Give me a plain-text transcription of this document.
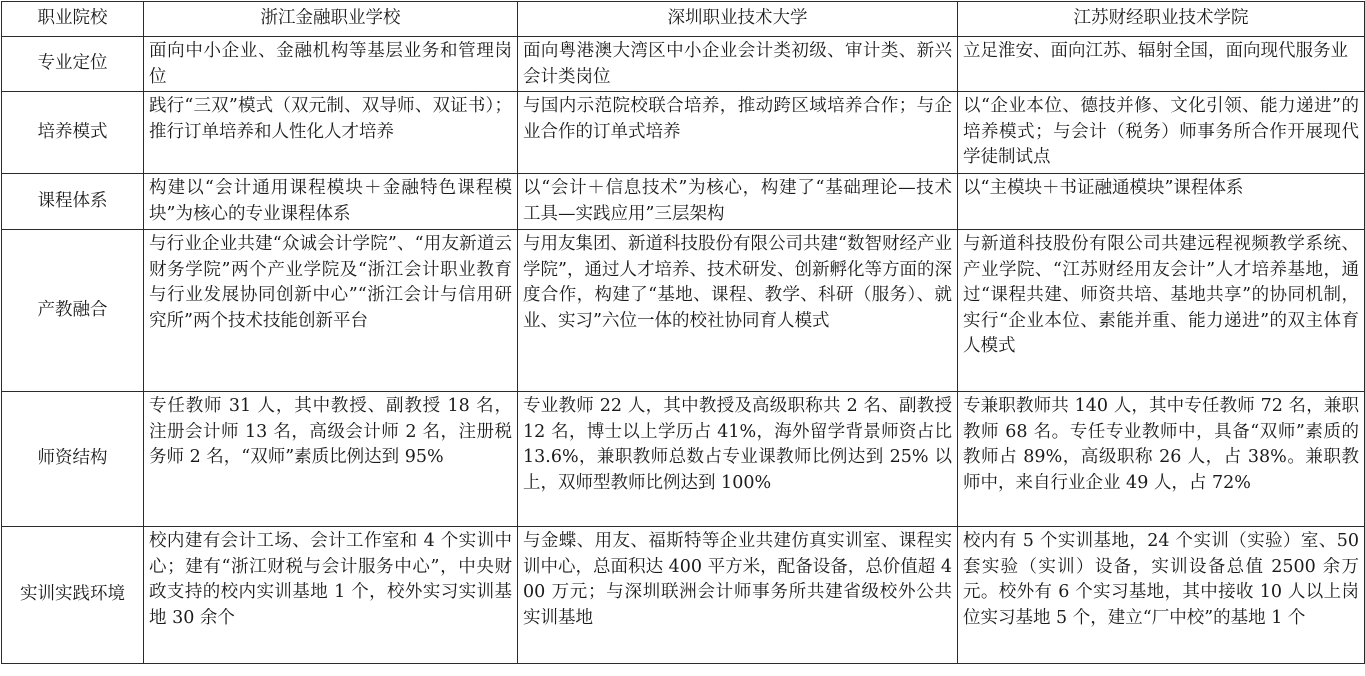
职业院校	浙江金融职业学校	深圳职业技术大学	江苏财经职业技术学院
专业定位	面向中小企业、金融机构等基层业务和管理岗位	面向粤港澳大湾区中小企业会计类初级、审计类、新兴会计类岗位	立足淮安、面向江苏、辐射全国，面向现代服务业
培养模式	践行“三双”模式（双元制、双导师、双证书）；推行订单培养和人性化人才培养	与国内示范院校联合培养，推动跨区域培养合作；与企业合作的订单式培养	以“企业本位、德技并修、文化引领、能力递进”的培养模式；与会计（税务）师事务所合作开展现代学徒制试点
课程体系	构建以“会计通用课程模块＋金融特色课程模块”为核心的专业课程体系	以“会计＋信息技术”为核心，构建了“基础理论—技术工具—实践应用”三层架构	以“主模块＋书证融通模块”课程体系
产教融合	与行业企业共建“众诚会计学院”、“用友新道云财务学院”两个产业学院及“浙江会计职业教育与行业发展协同创新中心”“浙江会计与信用研究所”两个技术技能创新平台	与用友集团、新道科技股份有限公司共建“数智财经产业学院”，通过人才培养、技术研发、创新孵化等方面的深度合作，构建了“基地、课程、教学、科研（服务）、就业、实习”六位一体的校社协同育人模式	与新道科技股份有限公司共建远程视频教学系统、产业学院、“江苏财经用友会计”人才培养基地，通过“课程共建、师资共培、基地共享”的协同机制，实行“企业本位、素能并重、能力递进”的双主体育人模式
师资结构	专任教师 31 人，其中教授、副教授 18 名，注册会计师 13 名，高级会计师 2 名，注册税务师 2 名，“双师”素质比例达到 95%	专业教师 22 人，其中教授及高级职称共 2 名、副教授 12 名，博士以上学历占 41%，海外留学背景师资占比 13.6%，兼职教师总数占专业课教师比例达到 25% 以上，双师型教师比例达到 100%	专兼职教师共 140 人，其中专任教师 72 名，兼职教师 68 名。专任专业教师中，具备“双师”素质的教师占 89%，高级职称 26 人，占 38%。兼职教师中，来自行业企业 49 人，占 72%
实训实践环境	校内建有会计工场、会计工作室和 4 个实训中心；建有“浙江财税与会计服务中心”，中央财政支持的校内实训基地 1 个，校外实习实训基地 30 余个	与金蝶、用友、福斯特等企业共建仿真实训室、课程实训中心，总面积达 400 平方米，配备设备，总价值超 400 万元；与深圳联洲会计师事务所共建省级校外公共实训基地	校内有 5 个实训基地，24 个实训（实验）室、50 套实验（实训）设备，实训设备总值 2500 余万元。校外有 6 个实习基地，其中接收 10 人以上岗位实习基地 5 个，建立“厂中校”的基地 1 个
